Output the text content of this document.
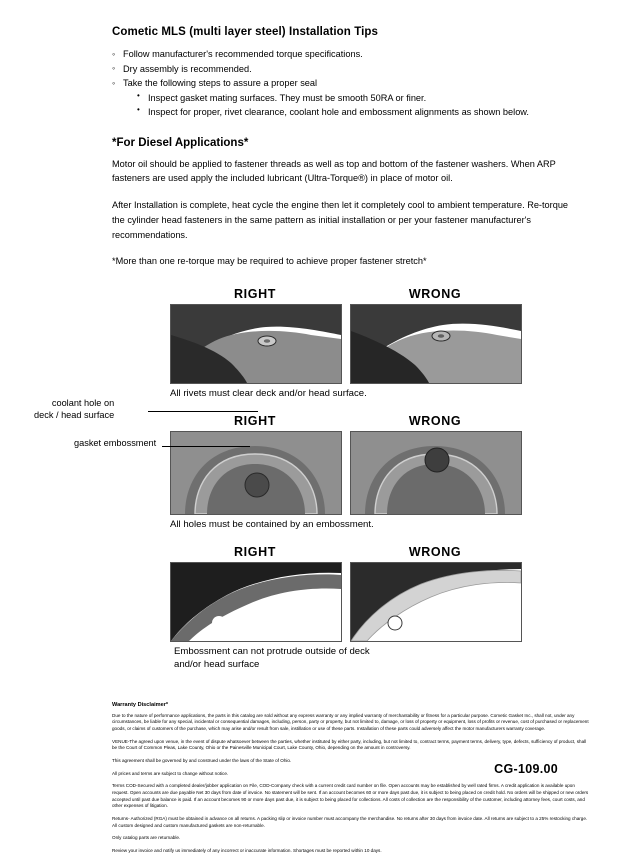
Cometic MLS (multi layer steel) Installation Tips
◦ Follow manufacturer's recommended torque specifications.
◦ Dry assembly is recommended.
◦ Take the following steps to assure a proper seal
• Inspect gasket mating surfaces. They must be smooth 50RA or finer.
• Inspect for proper, rivet clearance, coolant hole and embossment alignments as shown below.
*For Diesel Applications*

Motor oil should be applied to fastener threads as well as top and bottom of the fastener washers. When ARP fasteners are used apply the included lubricant (Ultra-Torque®) in place of motor oil.

After Installation is complete, heat cycle the engine then let it completely cool to ambient temperature. Re-torque the cylinder head fasteners in the same pattern as initial installation or per your fastener manufacturer's recommendations.

*More than one re-torque may be required to achieve proper fastener stretch*

RIGHT	WRONG
All rivets must clear deck and/or head surface.
RIGHT	WRONG
All holes must be contained by an embossment.
coolant hole on
deck / head surface
gasket embossment
RIGHT	WRONG
Embossment can not protrude outside of deck
and/or head surface
Warranty Disclaimer*

Due to the nature of performance applications, the parts in this catalog are sold without any express warranty or any implied warranty of merchantability or fitness for a particular purpose. Cometic Gasket Inc., shall not, under any circumstances, be liable for any special, incidental or consequential damages, including, person, party or property, but not limited to, damage, or loss of property or equipment, loss of profits or revenue, cost of purchased or replacement goods, or claims of customers of the purchase, which may arise and/or result from sale, instillation or use of these parts. Installation of these parts could adversely affect the motor manufacturers warranty coverage.

VENUE-The agreed upon venue, in the event of dispute whatsoever between the parties, whether instituted by either party, including, but not limited to, contract terms, payment terms, delivery, type, defects, sufficiency of product, shall be the Court of Common Pleas, Lake County, Ohio or the Painesville Municipal Court, Lake County, Ohio, depending on the amount in controversy.

This agreement shall be governed by and construed under the laws of the State of Ohio.

All prices and terms are subject to change without notice.

Terms COD-Secured with a completed dealer/jobber application on File, COD-Company check with a current credit card number on file. Open accounts may be established by well rated firms. A credit application is available upon request. Open accounts are due payable Net 30 days from date of invoice. No statement will be sent. If an account becomes 60 or more days past due, it is subject to being placed on credit hold. No orders will be shipped or new orders accepted until past due balance is paid. If an account becomes 90 or more days past due, it is subject to being placed for collections. All costs of collection are the responsibility of the customer, including attorney fees, court costs, and other expenses of litigation.

Returns- Authorized (RGA) must be obtained in advance on all returns. A packing slip or invoice number must accompany the merchandise. No returns after 30 days from invoice date. All returns are subject to a 25% restocking charge. All custom designed and custom manufactured gaskets are non-returnable.

Only catalog parts are returnable.

Review your invoice and notify us immediately of any incorrect or inaccurate information. Shortages must be reported within 10 days.

CG-109.00
